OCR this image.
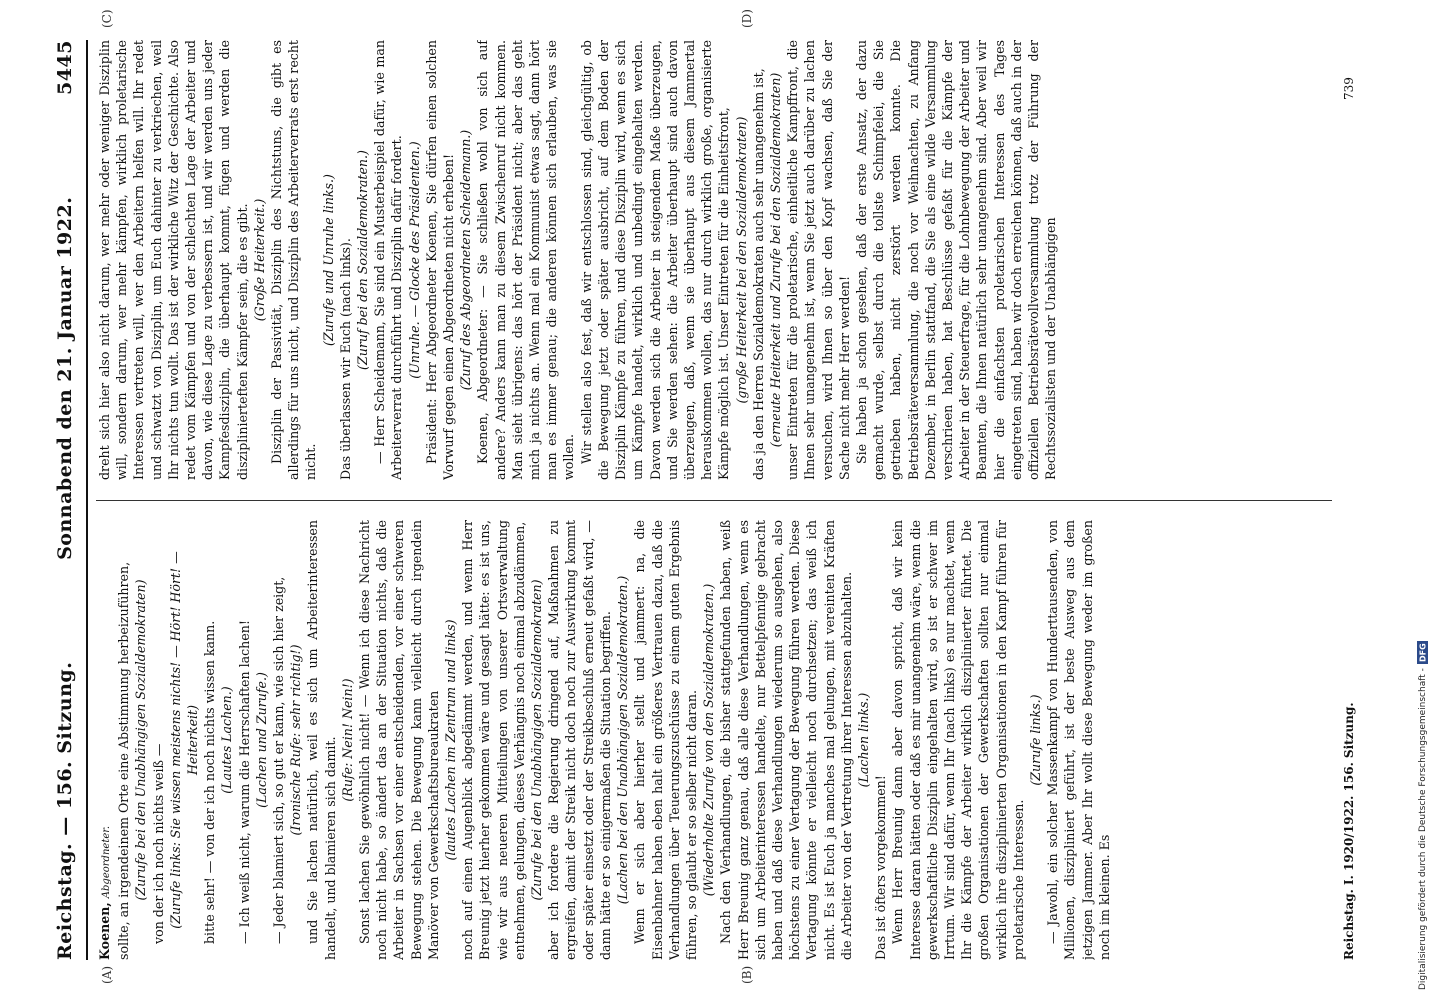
Reichstag. — 156. Sitzung.
Sonnabend den 21. Januar 1922.
5445
(A)	(B)
(C)	(D)

Koenen, Abgeordneter. sollte, an irgendeinem Orte eine Abstimmung herbeizuführen, (Zurufe bei den Unabhängigen Sozialdemokraten) von der ich noch nichts weiß — (Zurufe links: Sie wissen meistens nichts! — Hört! Hört! — Heiterkeit) bitte sehr! — von der ich noch nichts wissen kann. (Lautes Lachen.) — Ich weiß nicht, warum die Herrschaften lachen! (Lachen und Zurufe.) — Jeder blamiert sich, so gut er kann, wie sich hier zeigt, (Ironische Rufe: sehr richtig!) und Sie lachen natürlich, weil es sich um Arbeiterinteressen handelt, und blamieren sich damit. (Rufe: Nein! Nein!) Sonst lachen Sie gewöhnlich nicht! — Wenn ich diese Nachricht noch nicht habe, so ändert das an der Situation nichts, daß die Arbeiter in Sachsen vor einer entscheidenden, vor einer schweren Bewegung stehen. Die Bewegung kann vielleicht durch irgendein Manöver von Gewerkschaftsbureaukraten (lautes Lachen im Zentrum und links) noch auf einen Augenblick abgedämmt werden, und wenn Herr Breunig jetzt hierher gekommen wäre und gesagt hätte: es ist uns, wie wir aus neueren Mitteilungen von unserer Ortsverwaltung entnehmen, gelungen, dieses Verhängnis noch einmal abzudämmen, (Zurufe bei den Unabhängigen Sozialdemokraten) aber ich fordere die Regierung dringend auf, Maßnahmen zu ergreifen, damit der Streik nicht doch noch zur Auswirkung kommt oder später einsetzt oder der Streikbeschluß erneut gefaßt wird, — dann hätte er so einigermaßen die Situation begriffen. (Lachen bei den Unabhängigen Sozialdemokraten.) Wenn er sich aber hierher stellt und jammert: na, die Eisenbahner haben eben halt ein größeres Vertrauen dazu, daß die Verhandlungen über Teuerungszuschüsse zu einem guten Ergebnis führen, so glaubt er so selber nicht daran. (Wiederholte Zurufe von den Sozialdemokraten.) Nach den Verhandlungen, die bisher stattgefunden haben, weiß Herr Breunig ganz genau, daß alle diese Verhandlungen, wenn es sich um Arbeiterinteressen handelte, nur Bettelpfennige gebracht haben und daß diese Verhandlungen wiederum so ausgehen, also höchstens zu einer Vertagung der Bewegung führen werden. Diese Vertagung könnte er vielleicht noch durchsetzen; das weiß ich nicht. Es ist Euch ja manches mal gelungen, mit vereinten Kräften die Arbeiter von der Vertretung ihrer Interessen abzuhalten. (Lachen links.)

Das ist öfters vorgekommen! Wenn Herr Breunig dann aber davon spricht, daß wir kein Interesse daran hätten oder daß es mir unangenehm wäre, wenn die gewerkschaftliche Disziplin eingehalten wird, so ist er schwer im Irrtum. Wir sind dafür, wenn Ihr (nach links) es nur machtet, wenn Ihr die Kämpfe der Arbeiter wirklich disziplinierter führtet. Die großen Organisationen der Gewerkschaften sollten nur einmal wirklich ihre disziplinierten Organisationen in den Kampf führen für proletarische Interessen.

(Zurufe links.) — Jawohl, ein solcher Massenkampf von Hunderttausenden, von Millionen, diszipliniert geführt, ist der beste Ausweg aus dem jetzigen Jammer. Aber Ihr wollt diese Bewegung weder im großen noch im kleinen. Es

dreht sich hier also nicht darum, wer mehr oder weniger Disziplin will, sondern darum, wer mehr kämpfen, wirklich proletarische Interessen vertreten will, wer den Arbeitern helfen will. Ihr redet und schwatzt von Disziplin, um Euch dahinter zu verkriechen, weil Ihr nichts tun wollt. Das ist der wirkliche Witz der Geschichte. Also redet vom Kämpfen und von der schlechten Lage der Arbeiter und davon, wie diese Lage zu verbessern ist, und wir werden uns jeder Kampfesdisziplin, die überhaupt kommt, fügen und werden die disziplinierteften Kämpfer sein, die es gibt. (Große Heiterkeit.) Disziplin der Passivität, Disziplin des Nichtstuns, die gibt es allerdings für uns nicht, und Disziplin des Arbeiterverrats erst recht nicht.

(Zurufe und Unruhe links.) Das überlassen wir Euch (nach links). (Zuruf bei den Sozialdemokraten.) — Herr Scheidemann, Sie sind ein Musterbeispiel dafür, wie man Arbeiterverrat durchführt und Disziplin dafür fordert. (Unruhe. — Glocke des Präsidenten.) Präsident: Herr Abgeordneter Koenen, Sie dürfen einen solchen Vorwurf gegen einen Abgeordneten nicht erheben! (Zuruf des Abgeordneten Scheidemann.) Koenen, Abgeordneter: — Sie schließen wohl von sich auf andere? Anders kann man zu diesem Zwischenruf nicht kommen. Man sieht übrigens: das hört der Präsident nicht; aber das geht mich ja nichts an. Wenn mal ein Kommunist etwas sagt, dann hört man es immer genau; die anderen können sich erlauben, was sie wollen. Wir stellen also fest, daß wir entschlossen sind, gleichgültig, ob die Bewegung jetzt oder später ausbricht, auf dem Boden der Disziplin Kämpfe zu führen, und diese Disziplin wird, wenn es sich um Kämpfe handelt, wirklich und unbedingt eingehalten werden. Davon werden sich die Arbeiter in steigendem Maße überzeugen, und Sie werden sehen: die Arbeiter überhaupt sind auch davon überzeugen, daß, wenn sie überhaupt aus diesem Jammertal herauskommen wollen, das nur durch wirklich große, organisierte Kämpfe möglich ist. Unser Eintreten für die Einheitsfront, (große Heiterkeit bei den Sozialdemokraten) das ja den Herren Sozialdemokraten auch sehr unangenehm ist, (erneute Heiterkeit und Zurufe bei den Sozialdemokraten) unser Eintreten für die proletarische, einheitliche Kampffront, die Ihnen sehr unangenehm ist, wenn Sie jetzt auch darüber zu lachen versuchen, wird Ihnen so über den Kopf wachsen, daß Sie der Sache nicht mehr Herr werden! Sie haben ja schon gesehen, daß der erste Ansatz, der dazu gemacht wurde, selbst durch die tollste Schimpfelei, die Sie getrieben haben, nicht zerstört werden konnte. Die Betriebsräteversammlung, die noch vor Weihnachten, zu Anfang Dezember, in Berlin stattfand, die Sie als eine wilde Versammlung verschrieen haben, hat Beschlüsse gefaßt für die Kämpfe der Arbeiter in der Steuerfrage, für die Lohnbewegung der Arbeiter und Beamten, die Ihnen natürlich sehr unangenehm sind. Aber weil wir hier die einfachsten proletarischen Interessen des Tages eingetreten sind, haben wir doch erreichen können, daß auch in der offiziellen Betriebsrätevollversammlung trotz der Führung der Rechtssozialisten und der Unabhängigen

Reichstag. I. 1920/1922. 156. Sitzung.
739
Digitalisierung gefördert durch die Deutsche Forschungsgemeinschaft -
DFG
